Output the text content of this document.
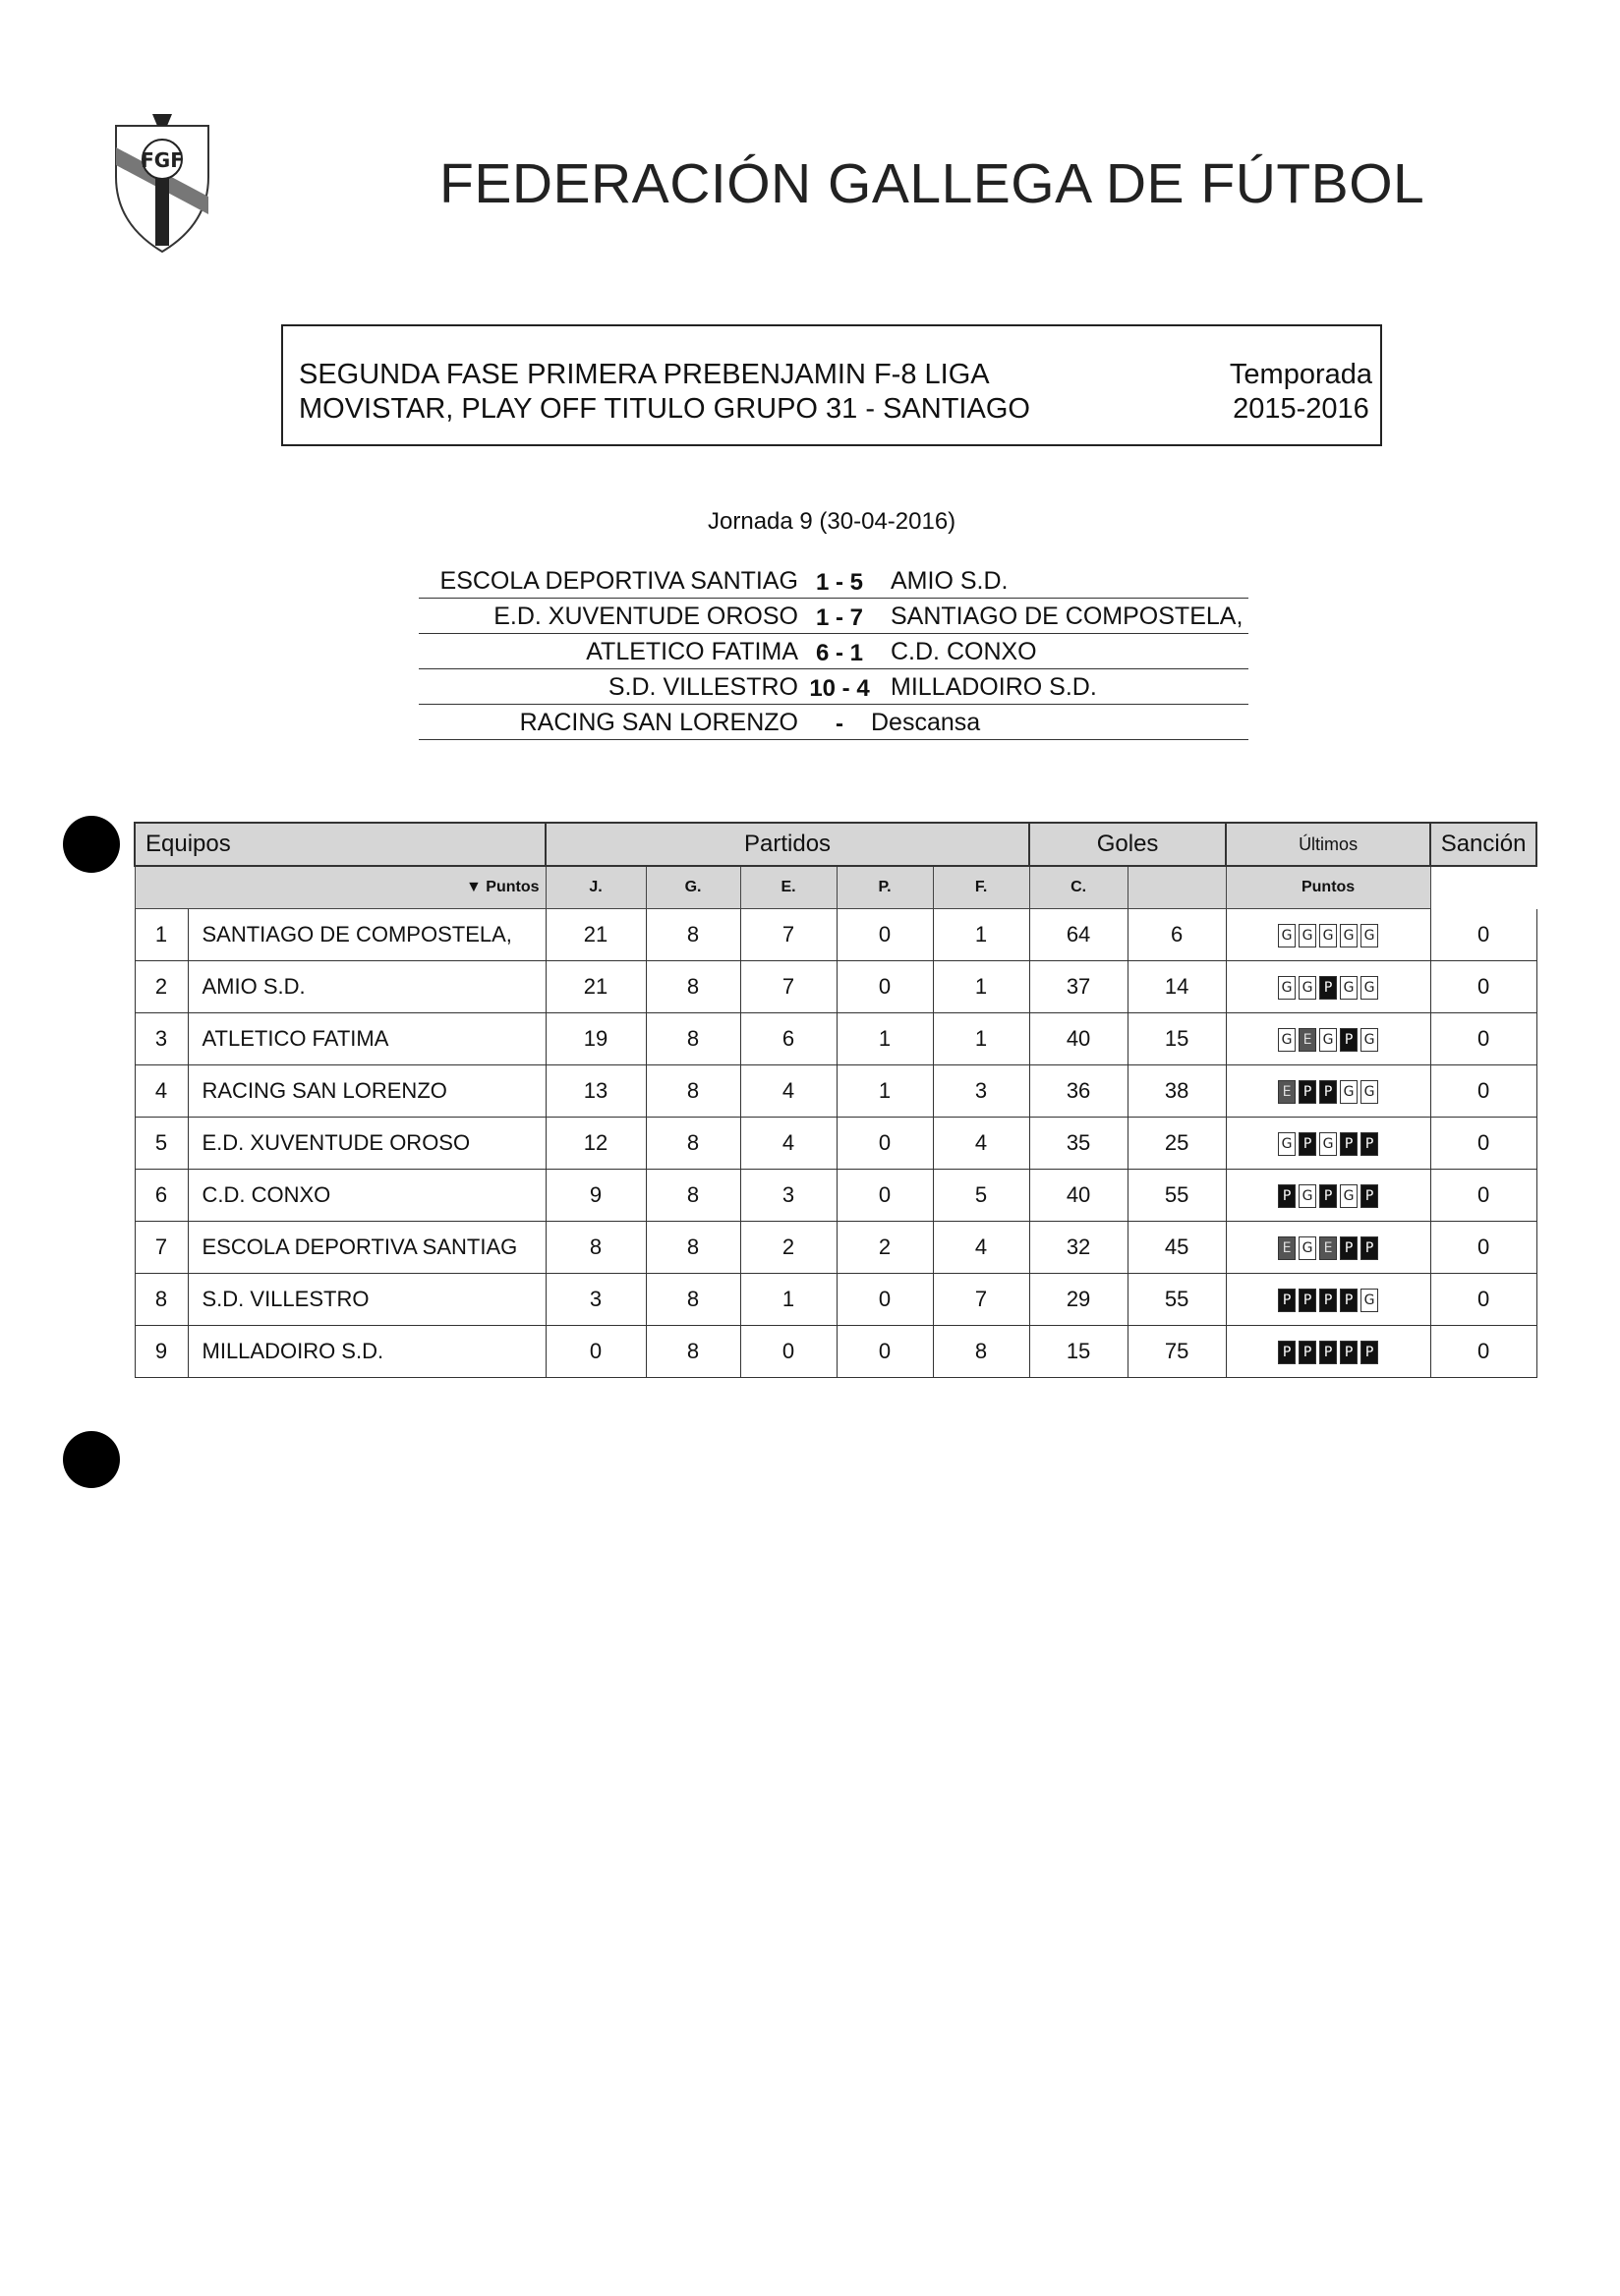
FGF	FEDERACIÓN GALLEGA DE FÚTBOL
SEGUNDA FASE PRIMERA PREBENJAMIN F-8 LIGA
MOVISTAR, PLAY OFF TITULO GRUPO 31 - SANTIAGO
Temporada
2015-2016
Jornada 9 (30-04-2016)
ESCOLA DEPORTIVA SANTIAG 1 - 5	AMIO S.D.
E.D. XUVENTUDE OROSO 1 - 7	SANTIAGO DE COMPOSTELA,
ATLETICO FATIMA 6 - 1	C.D. CONXO
S.D. VILLESTRO 10 - 4 MILLADOIRO S.D.
RACING SAN LORENZO	-	Descansa
Equipos		Partidos					Goles		Últimos	Sanción
▼ Puntos		J.	G.	E.	P.	F.	C.		Puntos	
1	SANTIAGO DE COMPOSTELA,	21	8	7	0	1	64	6	G G G G G	0
2	AMIO S.D.	21	8	7	0	1	37	14	G G P G G	0
3	ATLETICO FATIMA	19	8	6	1	1	40	15	G E G P G	0
4	RACING SAN LORENZO	13	8	4	1	3	36	38	E P P G G	0
5	E.D. XUVENTUDE OROSO	12	8	4	0	4	35	25	G P G P P	0
6	C.D. CONXO	9	8	3	0	5	40	55	P G P G P	0
7	ESCOLA DEPORTIVA SANTIAG	8	8	2	2	4	32	45	E G E P P	0
8	S.D. VILLESTRO	3	8	1	0	7	29	55	P P P P G	0
9	MILLADOIRO S.D.	0	8	0	0	8	15	75	P P P P P	0
